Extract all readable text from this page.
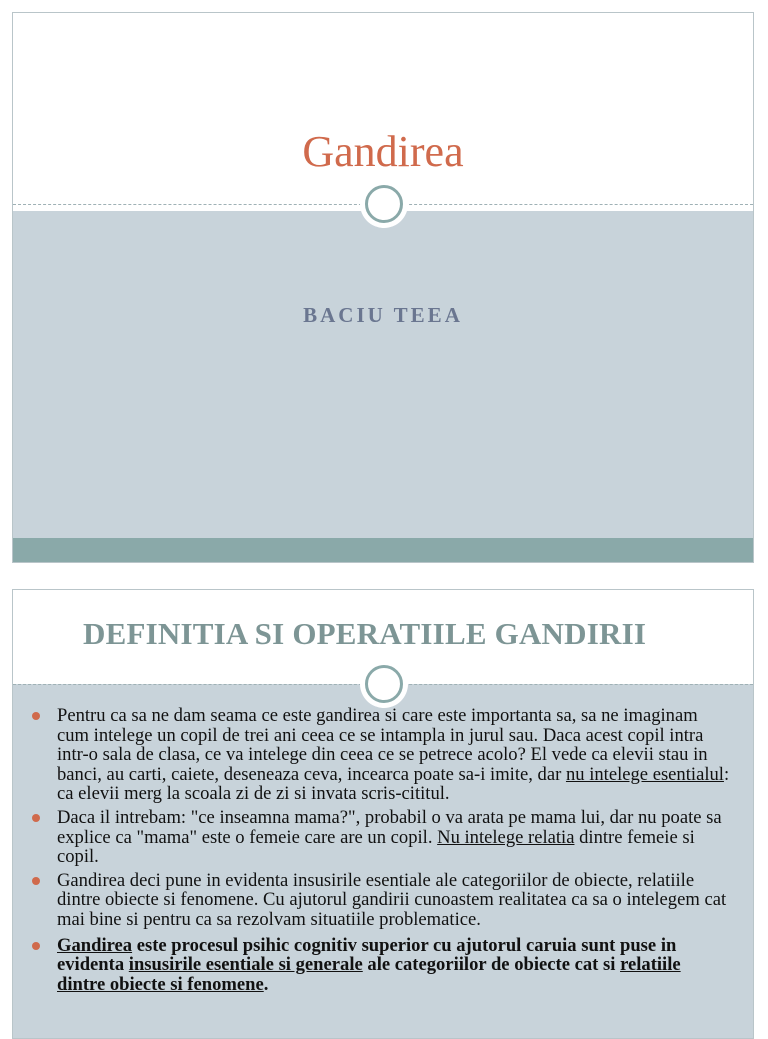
Gandirea
BACIU TEEA
DEFINITIA SI OPERATIILE GANDIRII
Pentru ca sa ne dam seama ce este gandirea si care este importanta sa, sa ne imaginam cum intelege un copil de trei ani ceea ce se intampla in jurul sau. Daca acest copil intra intr-o sala de clasa, ce va intelege din ceea ce se petrece acolo? El vede ca elevii stau in banci, au carti, caiete, deseneaza ceva, incearca poate sa-i imite, dar nu intelege esentialul: ca elevii merg la scoala zi de zi si invata scris-cititul.
Daca il intrebam: "ce inseamna mama?", probabil o va arata pe mama lui, dar nu poate sa explice ca "mama" este o femeie care are un copil. Nu intelege relatia dintre femeie si copil.
Gandirea deci pune in evidenta insusirile esentiale ale categoriilor de obiecte, relatiile dintre obiecte si fenomene. Cu ajutorul gandirii cunoastem realitatea ca sa o intelegem cat mai bine si pentru ca sa rezolvam situatiile problematice.
Gandirea este procesul psihic cognitiv superior cu ajutorul caruia sunt puse in evidenta insusirile esentiale si generale ale categoriilor de obiecte cat si relatiile dintre obiecte si fenomene.
